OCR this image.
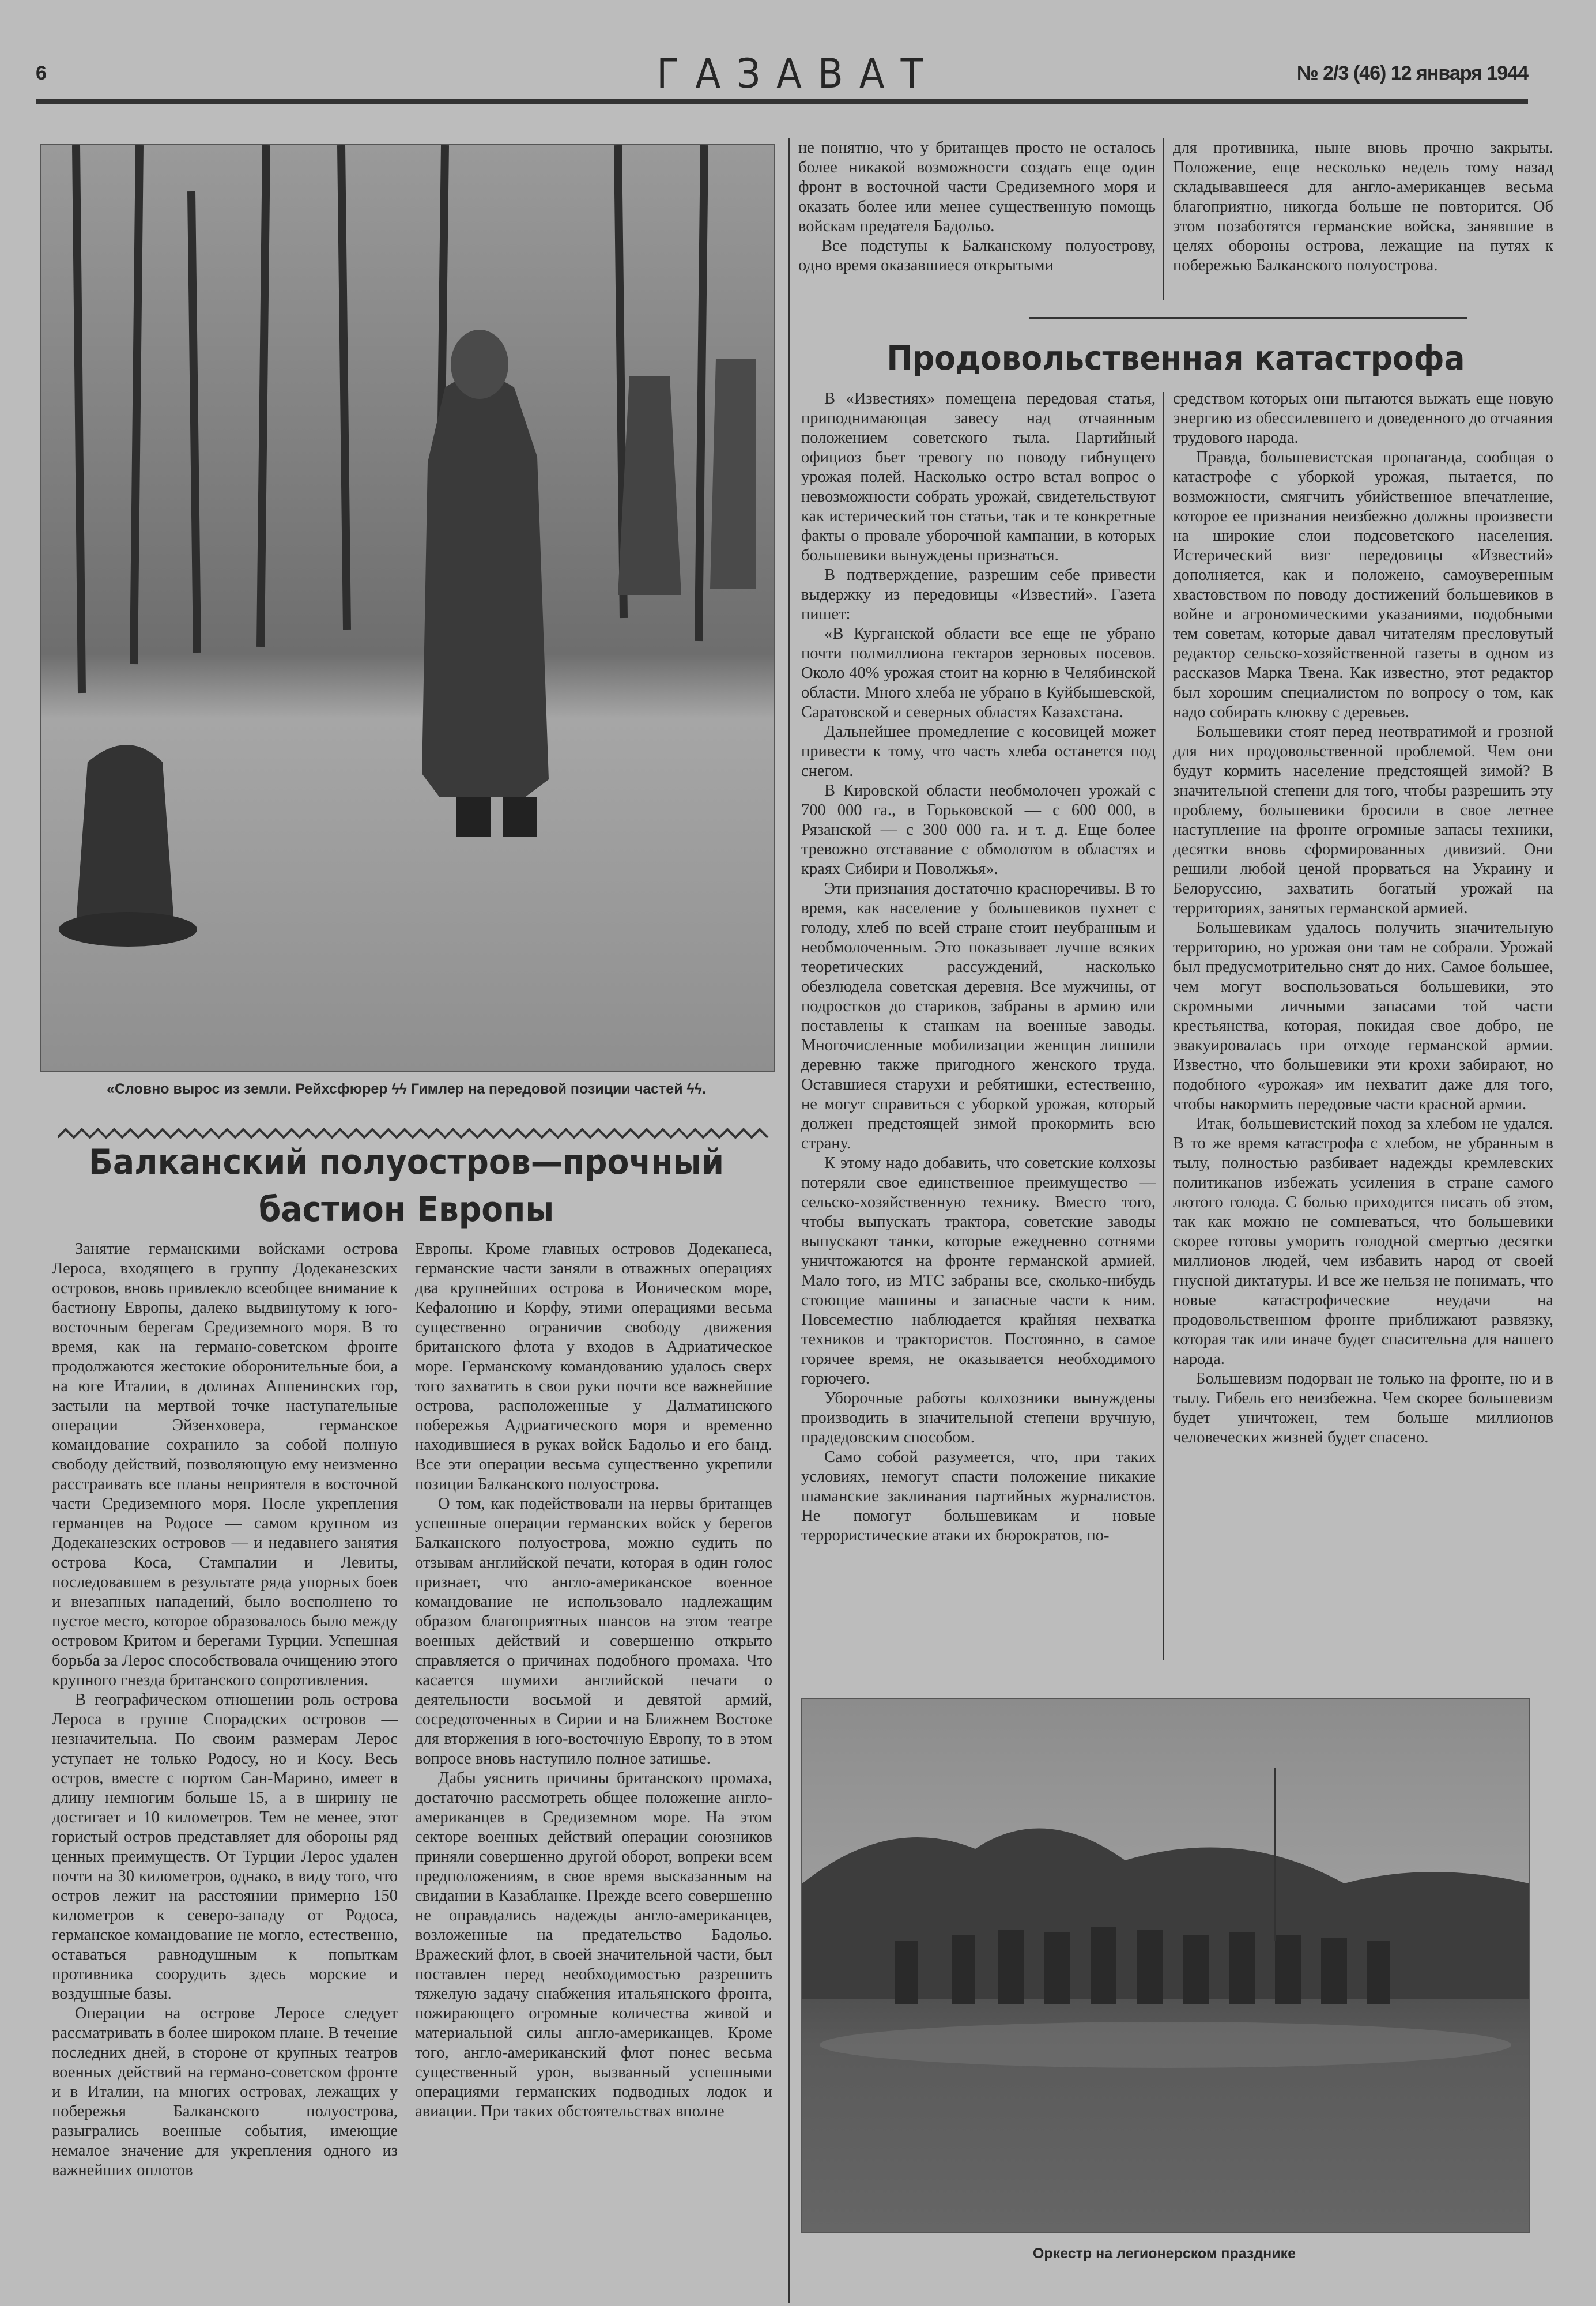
6	ГАЗАВАТ	№ 2/3 (46) 12 января 1944
«Словно вырос из земли. Рейхсфюрер ϟϟ Гимлер на передовой позиции частей ϟϟ.
Балканский полуостров—прочный
бастион Европы

Занятие германскими войсками острова Лероса, входящего в группу Додеканезских островов, вновь привлекло всеобщее внимание к бастиону Европы, далеко выдвинутому к юго-восточным берегам Средиземного моря. В то время, как на германо-советском фронте продолжаются жестокие оборонительные бои, а на юге Италии, в долинах Аппенинских гор, застыли на мертвой точке наступательные операции Эйзенховера, германское командование сохранило за собой полную свободу действий, позволяющую ему неизменно расстраивать все планы неприятеля в восточной части Средиземного моря. После укрепления германцев на Родосе — самом крупном из Додеканезских островов — и недавнего занятия острова Коса, Стампалии и Левиты, последовавшем в результате ряда упорных боев и внезапных нападений, было восполнено то пустое место, которое образовалось было между островом Критом и берегами Турции. Успешная борьба за Лерос способствовала очищению этого крупного гнезда британского сопротивления.

В географическом отношении роль острова Лероса в группе Спорадских островов — незначительна. По своим размерам Лерос уступает не только Родосу, но и Косу. Весь остров, вместе с портом Сан-Марино, имеет в длину немногим больше 15, а в ширину не достигает и 10 километров. Тем не менее, этот гористый остров представляет для обороны ряд ценных преимуществ. От Турции Лерос удален почти на 30 километров, однако, в виду того, что остров лежит на расстоянии примерно 150 километров к северо-западу от Родоса, германское командование не могло, естественно, оставаться равнодушным к попыткам противника соорудить здесь морские и воздушные базы.

Операции на острове Леросе следует рассматривать в более широком плане. В течение последних дней, в стороне от крупных театров военных действий на германо-советском фронте и в Италии, на многих островах, лежащих у побережья Балканского полуострова, разыгрались военные события, имеющие немалое значение для укрепления одного из важнейших оплотов

Европы. Кроме главных островов Додеканеса, германские части заняли в отважных операциях два крупнейших острова в Ионическом море, Кефалонию и Корфу, этими операциями весьма существенно ограничив свободу движения британского флота у входов в Адриатическое море. Германскому командованию удалось сверх того захватить в свои руки почти все важнейшие острова, расположенные у Далматинского побережья Адриатического моря и временно находившиеся в руках войск Бадольо и его банд. Все эти операции весьма существенно укрепили позиции Балканского полуострова.

О том, как подействовали на нервы британцев успешные операции германских войск у берегов Балканского полуострова, можно судить по отзывам английской печати, которая в один голос признает, что англо-американское военное командование не использовало надлежащим образом благоприятных шансов на этом театре военных действий и совершенно открыто справляется о причинах подобного промаха. Что касается шумихи английской печати о деятельности восьмой и девятой армий, сосредоточенных в Сирии и на Ближнем Востоке для вторжения в юго-восточную Европу, то в этом вопросе вновь наступило полное затишье.

Дабы уяснить причины британского промаха, достаточно рассмотреть общее положение англо-американцев в Средиземном море. На этом секторе военных действий операции союзников приняли совершенно другой оборот, вопреки всем предположениям, в свое время высказанным на свидании в Казабланке. Прежде всего совершенно не оправдались надежды англо-американцев, возложенные на предательство Бадольо. Вражеский флот, в своей значительной части, был поставлен перед необходимостью разрешить тяжелую задачу снабжения итальянского фронта, пожирающего огромные количества живой и материальной силы англо-американцев. Кроме того, англо-американский флот понес весьма существенный урон, вызванный успешными операциями германских подводных лодок и авиации. При таких обстоятельствах вполне

не понятно, что у британцев просто не осталось более никакой возможности создать еще один фронт в восточной части Средиземного моря и оказать более или менее существенную помощь войскам предателя Бадольо.

Все подступы к Балканскому полуострову, одно время оказавшиеся открытыми

для противника, ныне вновь прочно закрыты. Положение, еще несколько недель тому назад складывавшееся для англо-американцев весьма благоприятно, никогда больше не повторится. Об этом позаботятся германские войска, занявшие в целях обороны острова, лежащие на путях к побережью Балканского полуострова.

Продовольственная катастрофа

В «Известиях» помещена передовая статья, приподнимающая завесу над отчаянным положением советского тыла. Партийный официоз бьет тревогу по поводу гибнущего урожая полей. Насколько остро встал вопрос о невозможности собрать урожай, свидетельствуют как истерический тон статьи, так и те конкретные факты о провале уборочной кампании, в которых большевики вынуждены признаться.

В подтверждение, разрешим себе привести выдержку из передовицы «Известий». Газета пишет:

«В Курганской области все еще не убрано почти полмиллиона гектаров зерновых посевов. Около 40% урожая стоит на корню в Челябинской области. Много хлеба не убрано в Куйбышевской, Саратовской и северных областях Казахстана.

Дальнейшее промедление с косовицей может привести к тому, что часть хлеба останется под снегом.

В Кировской области необмолочен урожай с 700 000 га., в Горьковской — с 600 000, в Рязанской — с 300 000 га. и т. д. Еще более тревожно отставание с обмолотом в областях и краях Сибири и Поволжья».

Эти признания достаточно красноречивы. В то время, как население у большевиков пухнет с голоду, хлеб по всей стране стоит неубранным и необмолоченным. Это показывает лучше всяких теоретических рассуждений, насколько обезлюдела советская деревня. Все мужчины, от подростков до стариков, забраны в армию или поставлены к станкам на военные заводы. Многочисленные мобилизации женщин лишили деревню также пригодного женского труда. Оставшиеся старухи и ребятишки, естественно, не могут справиться с уборкой урожая, который должен предстоящей зимой прокормить всю страну.

К этому надо добавить, что советские колхозы потеряли свое единственное преимущество — сельско-хозяйственную технику. Вместо того, чтобы выпускать трактора, советские заводы выпускают танки, которые ежедневно сотнями уничтожаются на фронте германской армией. Мало того, из МТС забраны все, сколько-нибудь стоющие машины и запасные части к ним. Повсеместно наблюдается крайняя нехватка техников и трактористов. Постоянно, в самое горячее время, не оказывается необходимого горючего.

Уборочные работы колхозники вынуждены производить в значительной степени вручную, прадедовским способом.

Само собой разумеется, что, при таких условиях, немогут спасти положение никакие шаманские заклинания партийных журналистов. Не помогут большевикам и новые террористические атаки их бюрократов, по-

средством которых они пытаются выжать еще новую энергию из обессилевшего и доведенного до отчаяния трудового народа.

Правда, большевистская пропаганда, сообщая о катастрофе с уборкой урожая, пытается, по возможности, смягчить убийственное впечатление, которое ее признания неизбежно должны произвести на широкие слои подсоветского населения. Истерический визг передовицы «Известий» дополняется, как и положено, самоуверенным хвастовством по поводу достижений большевиков в войне и агрономическими указаниями, подобными тем советам, которые давал читателям пресловутый редактор сельско-хозяйственной газеты в одном из рассказов Марка Твена. Как известно, этот редактор был хорошим специалистом по вопросу о том, как надо собирать клюкву с деревьев.

Большевики стоят перед неотвратимой и грозной для них продовольственной проблемой. Чем они будут кормить население предстоящей зимой? В значительной степени для того, чтобы разрешить эту проблему, большевики бросили в свое летнее наступление на фронте огромные запасы техники, десятки вновь сформированных дивизий. Они решили любой ценой прорваться на Украину и Белоруссию, захватить богатый урожай на территориях, занятых германской армией.

Большевикам удалось получить значительную территорию, но урожая они там не собрали. Урожай был предусмотрительно снят до них. Самое большее, чем могут воспользоваться большевики, это скромными личными запасами той части крестьянства, которая, покидая свое добро, не эвакуировалась при отходе германской армии. Известно, что большевики эти крохи забирают, но подобного «урожая» им нехватит даже для того, чтобы накормить передовые части красной армии.

Итак, большевистский поход за хлебом не удался. В то же время катастрофа с хлебом, не убранным в тылу, полностью разбивает надежды кремлевских политиканов избежать усиления в стране самого лютого голода. С болью приходится писать об этом, так как можно не сомневаться, что большевики скорее готовы уморить голодной смертью десятки миллионов людей, чем избавить народ от своей гнусной диктатуры. И все же нельзя не понимать, что новые катастрофические неудачи на продовольственном фронте приближают развязку, которая так или иначе будет спасительна для нашего народа.

Большевизм подорван не только на фронте, но и в тылу. Гибель его неизбежна. Чем скорее большевизм будет уничтожен, тем больше миллионов человеческих жизней будет спасено.

Оркестр на легионерском празднике
